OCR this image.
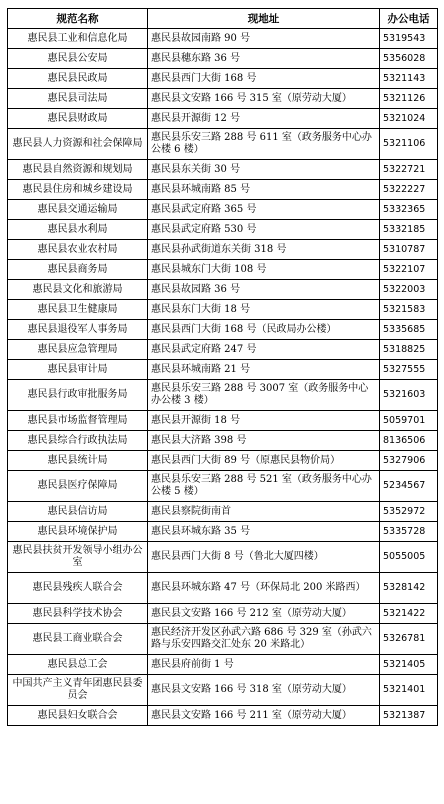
规范名称	现地址	办公电话
惠民县工业和信息化局	惠民县故园南路 90 号	5319543
惠民县公安局	惠民县穗东路 36 号	5356028
惠民县民政局	惠民县西门大街 168 号	5321143
惠民县司法局	惠民县文安路 166 号 315 室（原劳动大厦）	5321126
惠民县财政局	惠民县开源街 12 号	5321024
惠民县人力资源和社会保障局	惠民县乐安三路 288 号 611 室（政务服务中心办公楼 6 楼）	5321106
惠民县自然资源和规划局	惠民县东关街 30 号	5322721
惠民县住房和城乡建设局	惠民县环城南路 85 号	5322227
惠民县交通运输局	惠民县武定府路 365 号	5332365
惠民县水利局	惠民县武定府路 530 号	5332185
惠民县农业农村局	惠民县孙武街道东关街 318 号	5310787
惠民县商务局	惠民县城东门大街 108 号	5322107
惠民县文化和旅游局	惠民县故园路 36 号	5322003
惠民县卫生健康局	惠民县东门大街 18 号	5321583
惠民县退役军人事务局	惠民县西门大街 168 号（民政局办公楼）	5335685
惠民县应急管理局	惠民县武定府路 247 号	5318825
惠民县审计局	惠民县环城南路 21 号	5327555
惠民县行政审批服务局	惠民县乐安三路 288 号 3007 室（政务服务中心办公楼 3 楼）	5321603
惠民县市场监督管理局	惠民县开源街 18 号	5059701
惠民县综合行政执法局	惠民县大济路 398 号	8136506
惠民县统计局	惠民县西门大街 89 号（原惠民县物价局）	5327906
惠民县医疗保障局	惠民县乐安三路 288 号 521 室（政务服务中心办公楼 5 楼）	5234567
惠民县信访局	惠民县察院街南首	5352972
惠民县环境保护局	惠民县环城东路 35 号	5335728
惠民县扶贫开发领导小组办公室	惠民县西门大街 8 号（鲁北大厦四楼）	5055005
惠民县残疾人联合会	惠民县环城东路 47 号（环保局北 200 米路西）	5328142
惠民县科学技术协会	惠民县文安路 166 号 212 室（原劳动大厦）	5321422
惠民县工商业联合会	惠民经济开发区孙武六路 686 号 329 室（孙武六路与乐安四路交汇处东 20 米路北）	5326781
惠民县总工会	惠民县府前街 1 号	5321405
中国共产主义青年团惠民县委员会	惠民县文安路 166 号 318 室（原劳动大厦）	5321401
惠民县妇女联合会	惠民县文安路 166 号 211 室（原劳动大厦）	5321387
